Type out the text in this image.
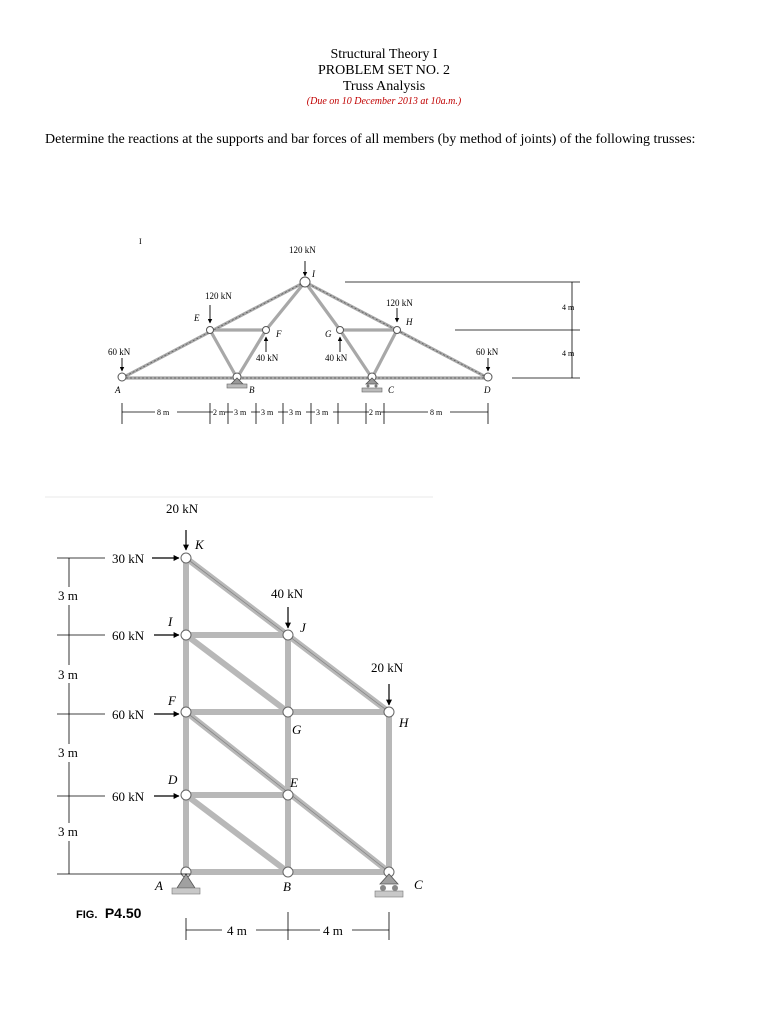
Structural Theory I
PROBLEM SET NO. 2
Truss Analysis
(Due on 10 December 2013 at 10a.m.)
Determine the reactions at the supports and bar forces of all members (by method of joints) of the following trusses:
I
120 kN
120 kN
120 kN
60 kN	60 kN
40 kN	40 kN
I
E	H
F	G
A	B	C	D
4 m
4 m
8 m	2 m 3 m 3 m 3 m 3 m	2 m	8 m
20 kN
30 kN
60 kN
60 kN
60 kN
40 kN
20 kN
K
I
F
D
A
J
G	H
E
B	C
3 m
3 m
3 m
3 m
4 m	4 m
FIG. P4.50
